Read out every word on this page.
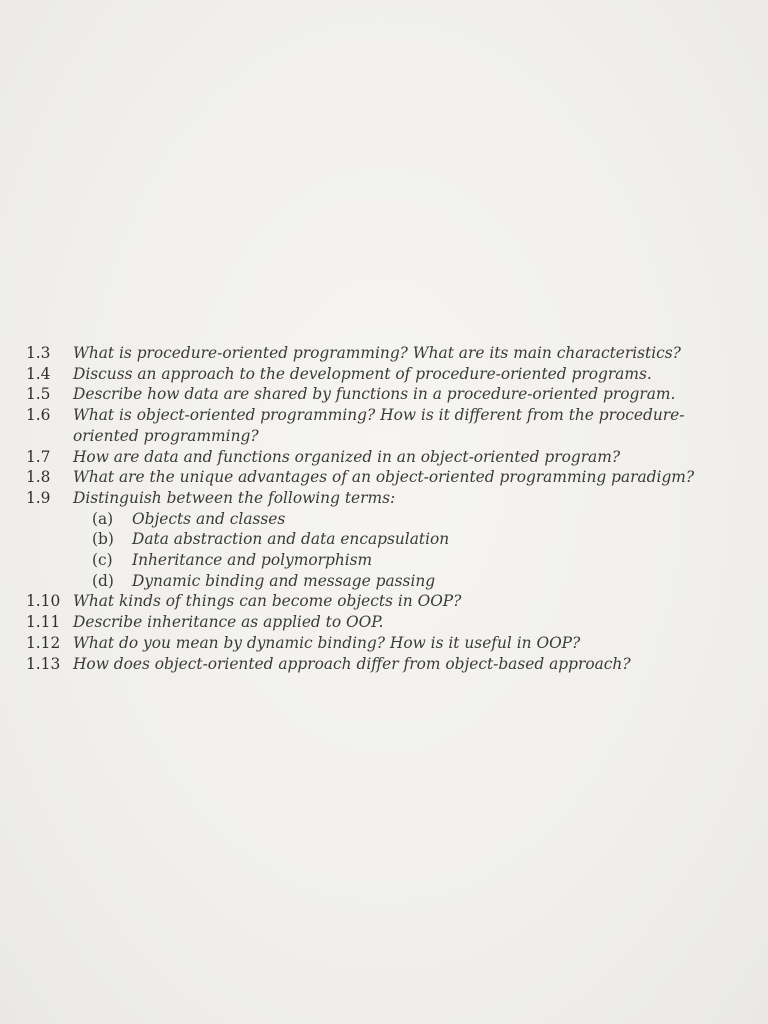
1.3	What is procedure-oriented programming? What are its main characteristics?
1.4	Discuss an approach to the development of procedure-oriented programs.
1.5	Describe how data are shared by functions in a procedure-oriented program.
1.6	What is object-oriented programming? How is it different from the procedure-
oriented programming?
1.7	How are data and functions organized in an object-oriented program?
1.8	What are the unique advantages of an object-oriented programming paradigm?
1.9	Distinguish between the following terms:
(a)	Objects and classes
(b)	Data abstraction and data encapsulation
(c)	Inheritance and polymorphism
(d)	Dynamic binding and message passing
1.10 What kinds of things can become objects in OOP?
1.11 Describe inheritance as applied to OOP.
1.12 What do you mean by dynamic binding? How is it useful in OOP?
1.13 How does object-oriented approach differ from object-based approach?
